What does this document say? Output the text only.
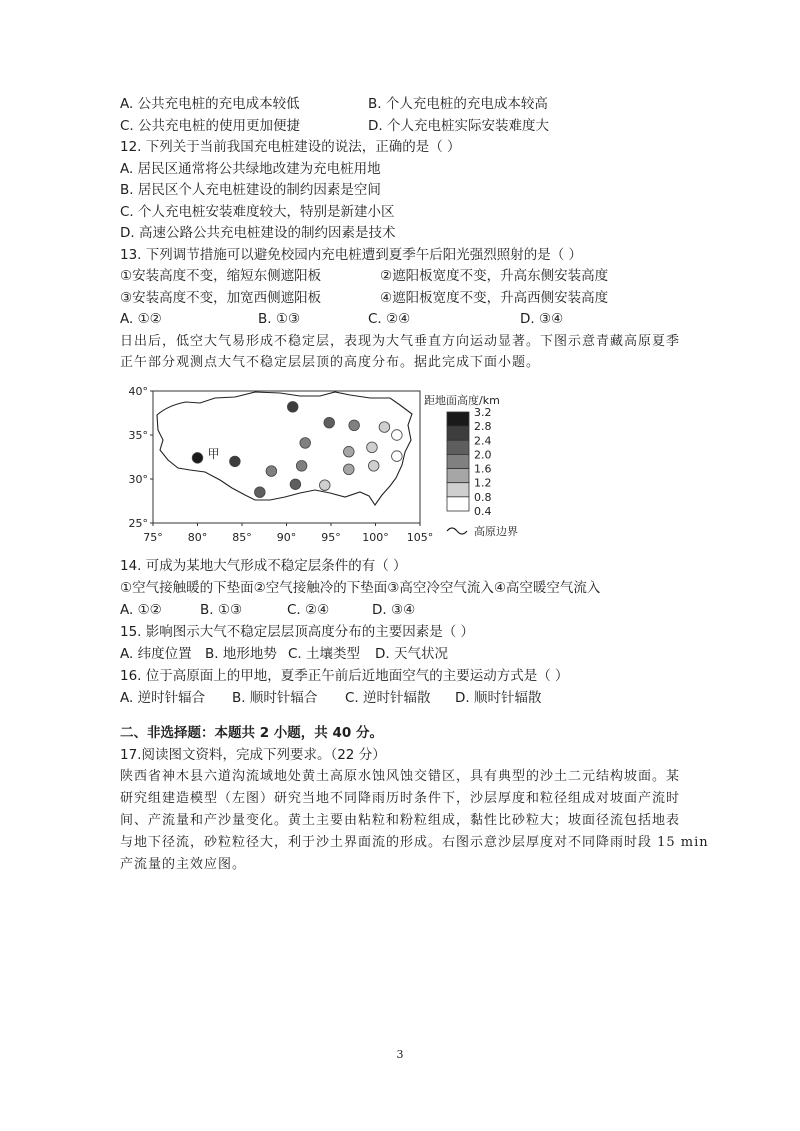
A. 公共充电桩的充电成本较低	B. 个人充电桩的充电成本较高
C. 公共充电桩的使用更加便捷	D. 个人充电桩实际安装难度大
12. 下列关于当前我国充电桩建设的说法，正确的是（ ）
A. 居民区通常将公共绿地改建为充电桩用地
B. 居民区个人充电桩建设的制约因素是空间
C. 个人充电桩安装难度较大，特别是新建小区
D. 高速公路公共充电桩建设的制约因素是技术
13. 下列调节措施可以避免校园内充电桩遭到夏季午后阳光强烈照射的是（ ）
①安装高度不变，缩短东侧遮阳板	②遮阳板宽度不变，升高东侧安装高度
③安装高度不变，加宽西侧遮阳板	④遮阳板宽度不变，升高西侧安装高度
A. ①②	B. ①③	C. ②④	D. ③④
日出后，低空大气易形成不稳定层，表现为大气垂直方向运动显著。下图示意青藏高原夏季
正午部分观测点大气不稳定层层顶的高度分布。据此完成下面小题。
75° 80° 85° 90° 95° 100° 105°
40°
35°
30°
25°
甲
距地面高度/km
3.2
2.8
2.4
2.0
1.6
1.2
0.8
0.4
高原边界
14. 可成为某地大气形成不稳定层条件的有（ ）
①空气接触暖的下垫面②空气接触冷的下垫面③高空冷空气流入④高空暖空气流入
A. ①②	B. ①③	C. ②④	D. ③④
15. 影响图示大气不稳定层层顶高度分布的主要因素是（ ）
A. 纬度位置 B. 地形地势 C. 土壤类型 D. 天气状况
16. 位于高原面上的甲地，夏季正午前后近地面空气的主要运动方式是（ ）
A. 逆时针辐合 B. 顺时针辐合 C. 逆时针辐散 D. 顺时针辐散
二、非选择题：本题共 2 小题，共 40 分。
17.阅读图文资料，完成下列要求。（22 分）
陕西省神木县六道沟流域地处黄土高原水蚀风蚀交错区，具有典型的沙土二元结构坡面。某
研究组建造模型（左图）研究当地不同降雨历时条件下，沙层厚度和粒径组成对坡面产流时
间、产流量和产沙量变化。黄土主要由粘粒和粉粒组成，黏性比砂粒大；坡面径流包括地表
与地下径流，砂粒粒径大，利于沙土界面流的形成。右图示意沙层厚度对不同降雨时段 15 min
产流量的主效应图。
3
